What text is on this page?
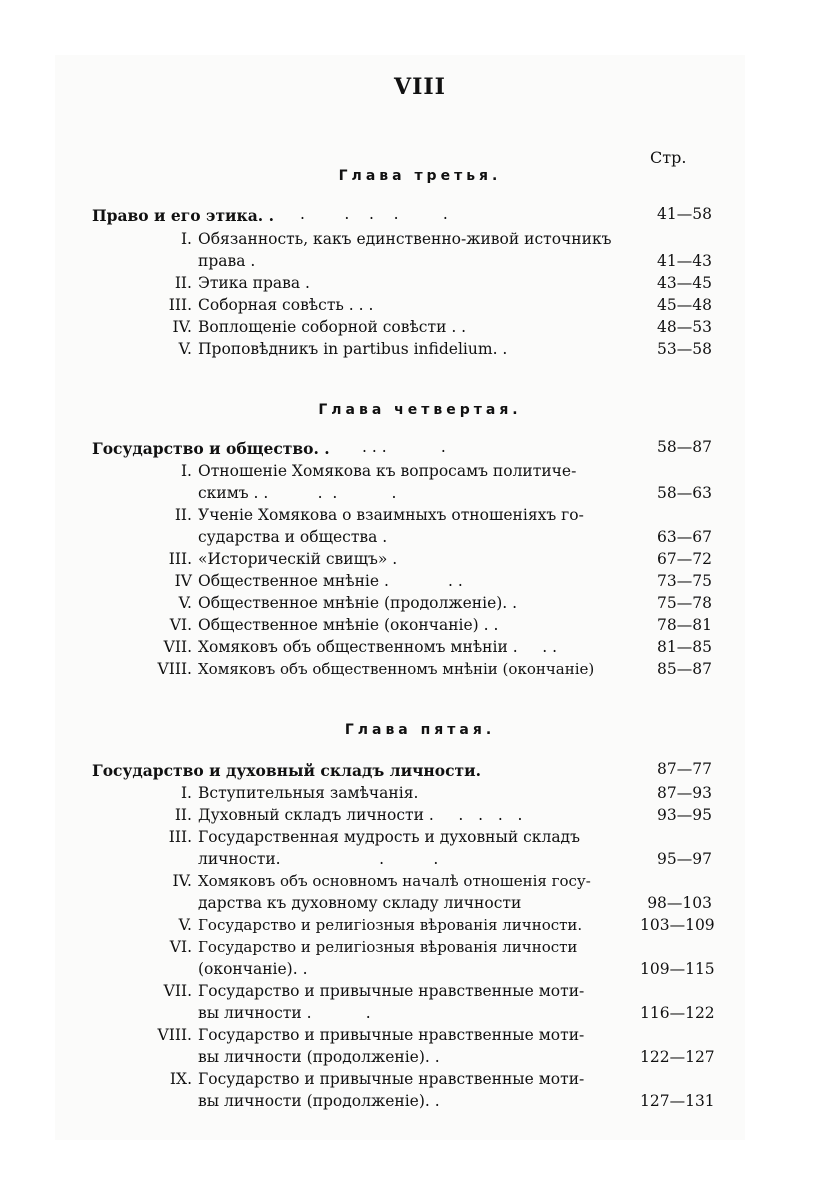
VIII
Стр.
Глава третья.
Право и его этика. . .        .    .    .         .	41—58
I. Обязанность, какъ единственно-живой источникъ
права .	41—43
II. Этика права .	43—45
III. Соборная совѣсть . . .	45—48
IV. Воплощенiе соборной совѣсти . .	48—53
V. Проповѣдникъ in partibus infidelium. .	53—58
Глава четвертая.
Государство и общество. . . . .           .	58—87
I. Отношенiе Хомякова къ вопросамъ политиче-
скимъ . .          .  .           .	58—63
II. Ученiе Хомякова о взаимныхъ отношенiяхъ го-
сударства и общества .	63—67
III. «Историческiй свищъ» .	67—72
IV Общественное мнѣнiе .            . .	73—75
V. Общественное мнѣнiе (продолженiе). .	75—78
VI. Общественное мнѣнiе (окончанiе) . .	78—81
VII. Хомяковъ объ общественномъ мнѣнiи .     . .	81—85
VIII. Хомяковъ объ общественномъ мнѣнiи (окончанiе)	85—87
Глава пятая.
Государство и духовный складъ личности.	87—77
I. Вступительныя замѣчанiя.	87—93
II. Духовный складъ личности .     .   .   .   .	93—95
III. Государственная мудрость и духовный складъ
личности.                    .          .	95—97
IV. Хомяковъ объ основномъ началѣ отношенiя госу-
дарства къ духовному складу личности	98—103
V. Государство и религiозныя вѣрованiя личности.	103—109
VI. Государство и религiозныя вѣрованiя личности
(окончанiе). .	109—115
VII. Государство и привычные нравственные моти-
вы личности .           .	116—122
VIII. Государство и привычные нравственные моти-
вы личности (продолженiе). .	122—127
IX. Государство и привычные нравственные моти-
вы личности (продолженiе). .	127—131
